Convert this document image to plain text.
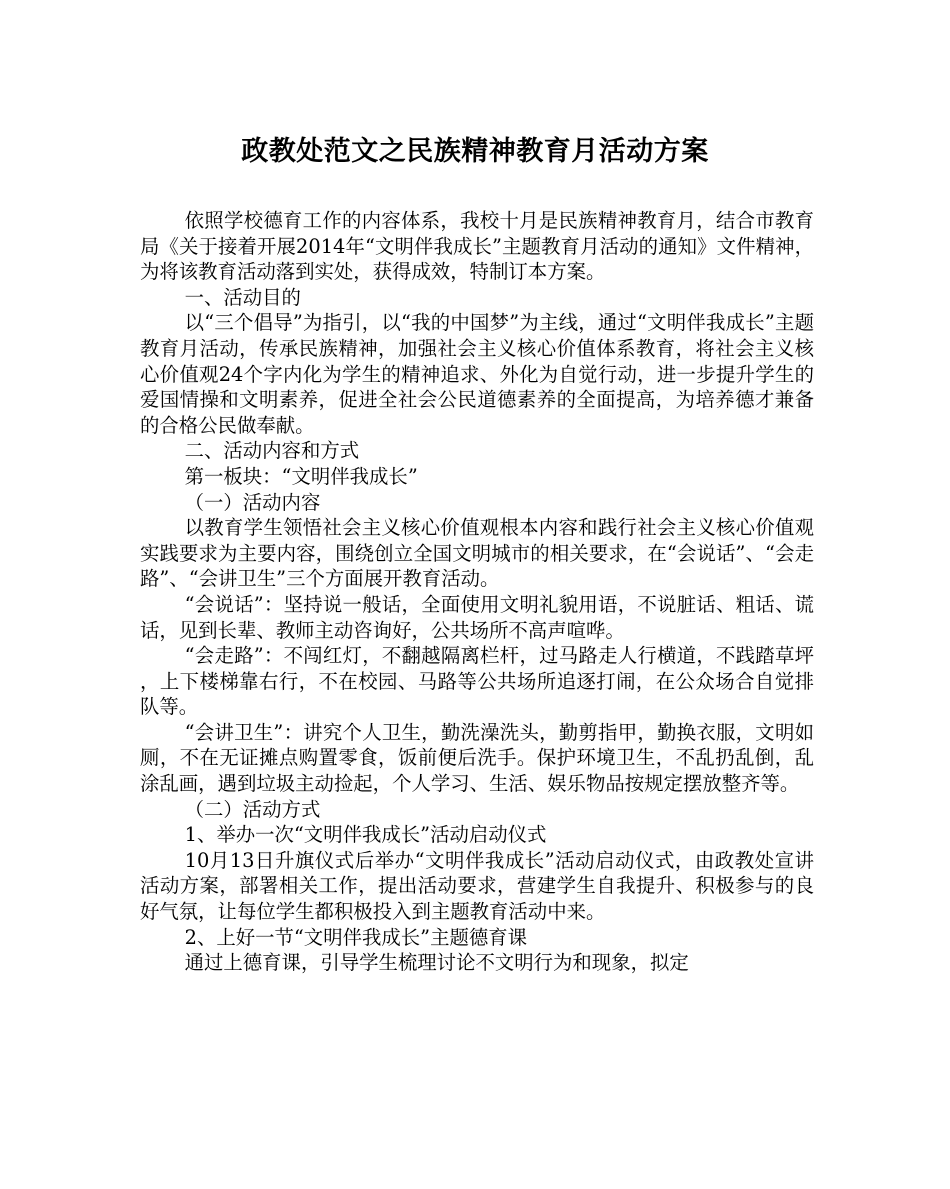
政教处范文之民族精神教育月活动方案

依照学校德育工作的内容体系，我校十月是民族精神教育月，结合市教育局《关于接着开展2014年“文明伴我成长”主题教育月活动的通知》文件精神，为将该教育活动落到实处，获得成效，特制订本方案。

一、活动目的

以“三个倡导”为指引，以“我的中国梦”为主线，通过“文明伴我成长”主题教育月活动，传承民族精神，加强社会主义核心价值体系教育，将社会主义核心价值观24个字内化为学生的精神追求、外化为自觉行动，进一步提升学生的爱国情操和文明素养，促进全社会公民道德素养的全面提高，为培养德才兼备的合格公民做奉献。

二、活动内容和方式

第一板块：“文明伴我成长”

（一）活动内容

以教育学生领悟社会主义核心价值观根本内容和践行社会主义核心价值观实践要求为主要内容，围绕创立全国文明城市的相关要求，在“会说话”、“会走路”、“会讲卫生”三个方面展开教育活动。

“会说话”：坚持说一般话，全面使用文明礼貌用语，不说脏话、粗话、谎话，见到长辈、教师主动咨询好，公共场所不高声喧哗。

“会走路”：不闯红灯，不翻越隔离栏杆，过马路走人行横道，不践踏草坪，上下楼梯靠右行，不在校园、马路等公共场所追逐打闹，在公众场合自觉排队等。

“会讲卫生”：讲究个人卫生，勤洗澡洗头，勤剪指甲，勤换衣服，文明如厕，不在无证摊点购置零食，饭前便后洗手。保护环境卫生，不乱扔乱倒，乱涂乱画，遇到垃圾主动捡起，个人学习、生活、娱乐物品按规定摆放整齐等。

（二）活动方式

1、举办一次“文明伴我成长”活动启动仪式

10月13日升旗仪式后举办“文明伴我成长”活动启动仪式，由政教处宣讲活动方案，部署相关工作，提出活动要求，营建学生自我提升、积极参与的良好气氛，让每位学生都积极投入到主题教育活动中来。

2、上好一节“文明伴我成长”主题德育课

通过上德育课，引导学生梳理讨论不文明行为和现象，拟定
